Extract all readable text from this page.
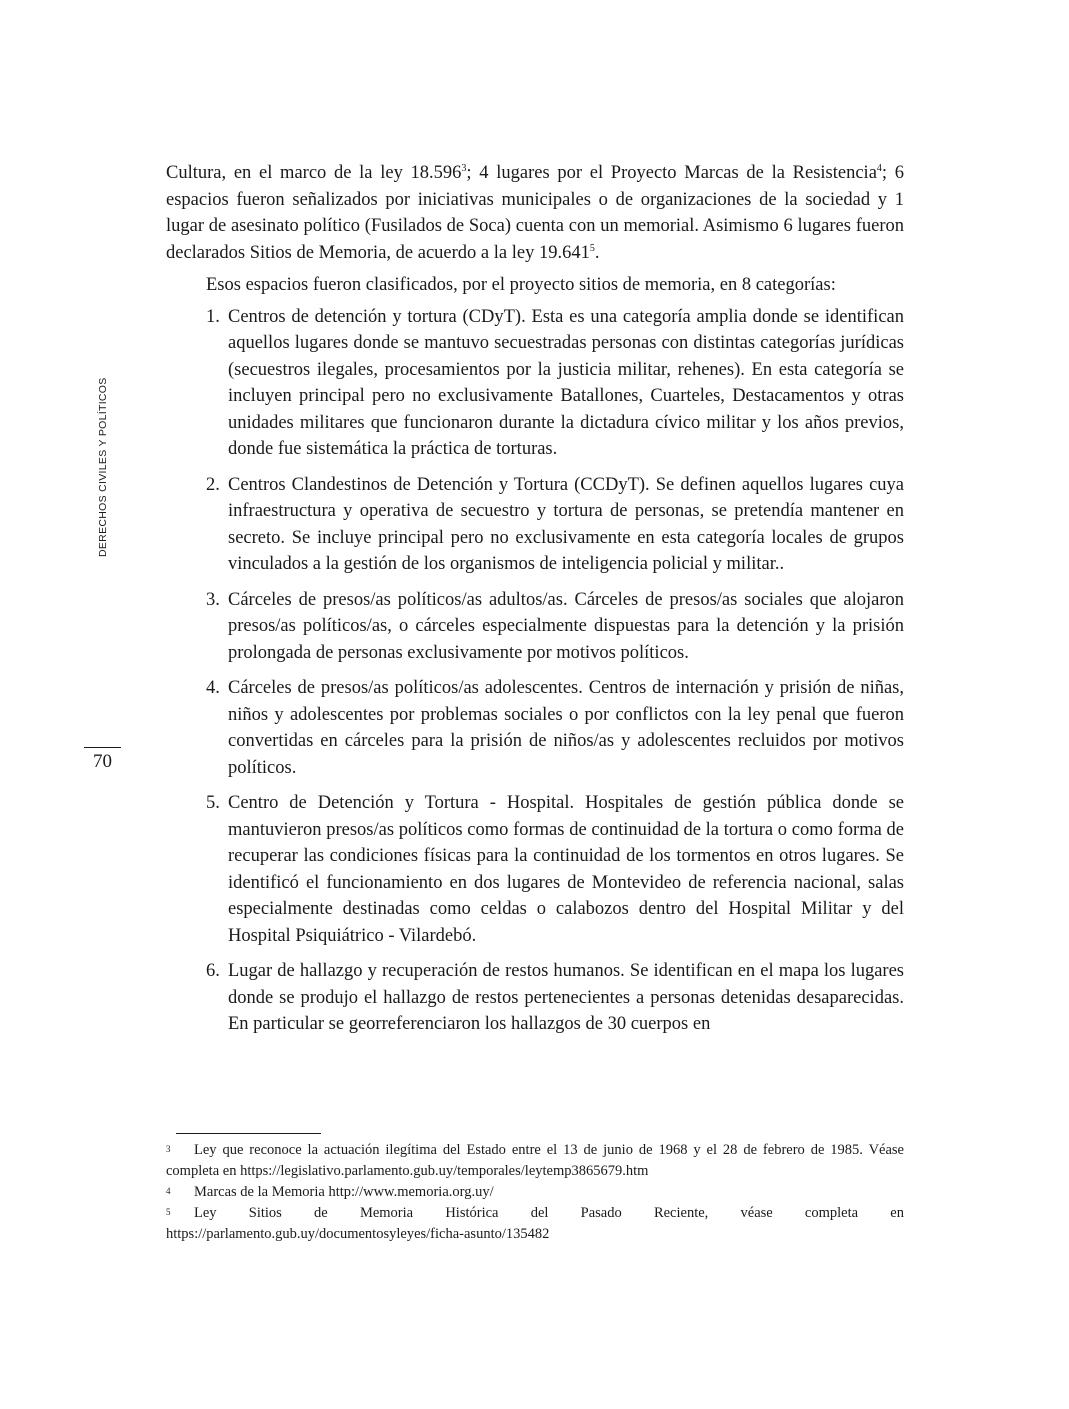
DERECHOS CIVILES Y POLÍTICOS
70

Cultura, en el marco de la ley 18.596$^3$; 4 lugares por el Proyecto Marcas de la Resistencia$^4$; 6 espacios fueron señalizados por iniciativas municipales o de organizaciones de la sociedad y 1 lugar de asesinato político (Fusilados de Soca) cuenta con un memorial. Asimismo 6 lugares fueron declarados Sitios de Memoria, de acuerdo a la ley 19.641$^5$.

Esos espacios fueron clasificados, por el proyecto sitios de memoria, en 8 categorías:

1. Centros de detención y tortura (CDyT). Esta es una categoría amplia donde se identifican aquellos lugares donde se mantuvo secuestradas personas con distintas categorías jurídicas (secuestros ilegales, procesamientos por la justicia militar, rehenes). En esta categoría se incluyen principal pero no exclusivamente Batallones, Cuarteles, Destacamentos y otras unidades militares que funcionaron durante la dictadura cívico militar y los años previos, donde fue sistemática la práctica de torturas.
2. Centros Clandestinos de Detención y Tortura (CCDyT). Se definen aquellos lugares cuya infraestructura y operativa de secuestro y tortura de personas, se pretendía mantener en secreto. Se incluye principal pero no exclusivamente en esta categoría locales de grupos vinculados a la gestión de los organismos de inteligencia policial y militar..
3. Cárceles de presos/as políticos/as adultos/as. Cárceles de presos/as sociales que alojaron presos/as políticos/as, o cárceles especialmente dispuestas para la detención y la prisión prolongada de personas exclusivamente por motivos políticos.
4. Cárceles de presos/as políticos/as adolescentes. Centros de internación y prisión de niñas, niños y adolescentes por problemas sociales o por conflictos con la ley penal que fueron convertidas en cárceles para la prisión de niños/as y adolescentes recluidos por motivos políticos.
5. Centro de Detención y Tortura - Hospital. Hospitales de gestión pública donde se mantuvieron presos/as políticos como formas de continuidad de la tortura o como forma de recuperar las condiciones físicas para la continuidad de los tormentos en otros lugares. Se identificó el funcionamiento en dos lugares de Montevideo de referencia nacional, salas especialmente destinadas como celdas o calabozos dentro del Hospital Militar y del Hospital Psiquiátrico - Vilardebó.
6. Lugar de hallazgo y recuperación de restos humanos. Se identifican en el mapa los lugares donde se produjo el hallazgo de restos pertenecientes a personas detenidas desaparecidas. En particular se georreferenciaron los hallazgos de 30 cuerpos en

3 Ley que reconoce la actuación ilegítima del Estado entre el 13 de junio de 1968 y el 28 de febrero de 1985. Véase completa en https://legislativo.parlamento.gub.uy/temporales/leytemp3865679.htm

4 Marcas de la Memoria http://www.memoria.org.uy/

5 Ley Sitios de Memoria Histórica del Pasado Reciente, véase completa en https://parlamento.gub.uy/documentosyleyes/ficha-asunto/135482
